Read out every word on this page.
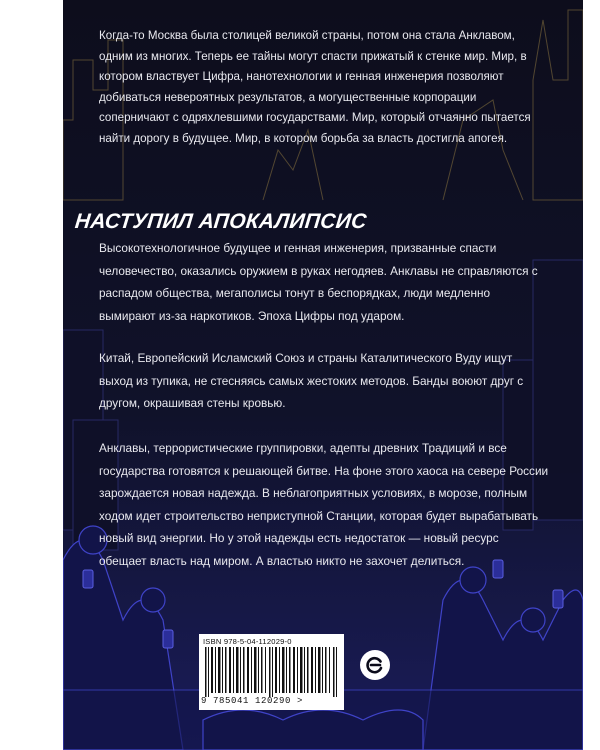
Когда-то Москва была столицей великой страны, потом она стала Анклавом, одним из многих. Теперь ее тайны могут спасти прижатый к стенке мир. Мир, в котором властвует Цифра, нанотехнологии и генная инженерия позволяют добиваться невероятных результатов, а могущественные корпорации соперничают с одряхлевшими государствами. Мир, который отчаянно пытается найти дорогу в будущее. Мир, в котором борьба за власть достигла апогея.
НАСТУПИЛ АПОКАЛИПСИС
Высокотехнологичное будущее и генная инженерия, призванные спасти человечество, оказались оружием в руках негодяев. Анклавы не справляются с распадом общества, мегаполисы тонут в беспорядках, люди медленно вымирают из-за наркотиков. Эпоха Цифры под ударом.
Китай, Европейский Исламский Союз и страны Каталитического Вуду ищут выход из тупика, не стесняясь самых жестоких методов. Банды воюют друг с другом, окрашивая стены кровью.
Анклавы, террористические группировки, адепты древних Традиций и все государства готовятся к решающей битве. На фоне этого хаоса на севере России зарождается новая надежда. В неблагоприятных условиях, в морозе, полным ходом идет строительство неприступной Станции, которая будет вырабатывать новый вид энергии. Но у этой надежды есть недостаток — новый ресурс обещает власть над миром. А властью никто не захочет делиться.
ISBN 978-5-04-112029-0
9 785041 120290 >
